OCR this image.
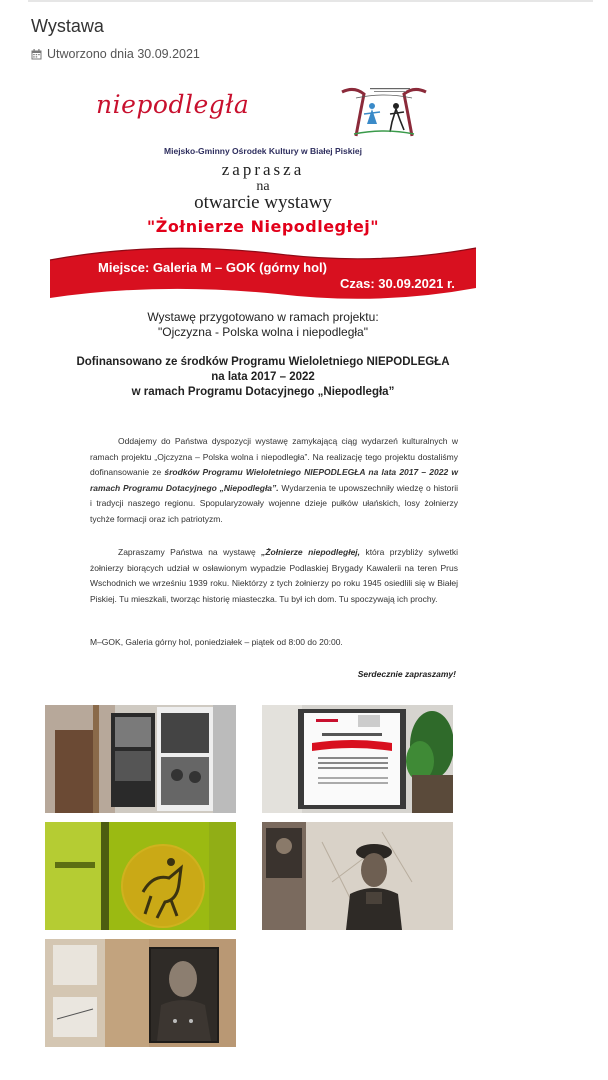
Wystawa
Utworzono dnia 30.09.2021
niepodległa
Miejsko-Gminny Ośrodek Kultury w Białej Piskiej
zaprasza
na
otwarcie wystawy
"Żołnierze Niepodległej"
Miejsce: Galeria M – GOK (górny hol)
Czas: 30.09.2021 r.
Wystawę przygotowano w ramach projektu:
"Ojczyzna - Polska wolna i niepodległa"
Dofinansowano ze środków Programu Wieloletniego NIEPODLEGŁA
na lata 2017 – 2022
w ramach Programu Dotacyjnego „Niepodległa”
Oddajemy do Państwa dyspozycji wystawę zamykającą ciąg wydarzeń kulturalnych w ramach projektu „Ojczyzna – Polska wolna i niepodległa”. Na realizację tego projektu dostaliśmy dofinansowanie ze środków Programu Wieloletniego NIEPODLEGŁA na lata 2017 – 2022 w ramach Programu Dotacyjnego „Niepodległa”. Wydarzenia te upowszechniły wiedzę o historii i tradycji naszego regionu. Spopularyzowały wojenne dzieje pułków ułańskich, losy żołnierzy tychże formacji oraz ich patriotyzm.
Zapraszamy Państwa na wystawę „Żołnierze niepodległej, która przybliży sylwetki żołnierzy biorących udział w osławionym wypadzie Podlaskiej Brygady Kawalerii na teren Prus Wschodnich we wrześniu 1939 roku. Niektórzy z tych żołnierzy po roku 1945 osiedlili się w Białej Piskiej. Tu mieszkali, tworząc historię miasteczka. Tu był ich dom. Tu spoczywają ich prochy.
M–GOK, Galeria górny hol, poniedziałek – piątek od 8:00 do 20:00.
Serdecznie zapraszamy!
